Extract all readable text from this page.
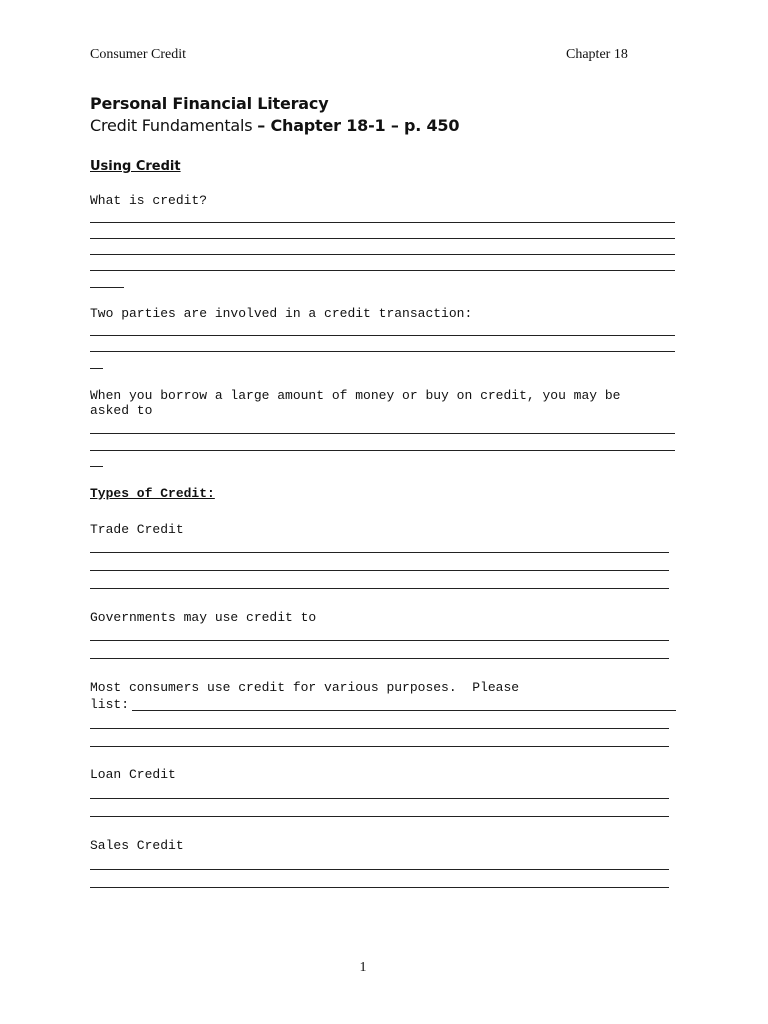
Consumer Credit	Chapter 18
Personal Financial Literacy
Credit Fundamentals – Chapter 18-1 – p. 450
Using Credit
What is credit?
Two parties are involved in a credit transaction:
When you borrow a large amount of money or buy on credit, you may be
asked to
Types of Credit:
Trade Credit
Governments may use credit to
Most consumers use credit for various purposes.  Please
list:
Loan Credit
Sales Credit
1
